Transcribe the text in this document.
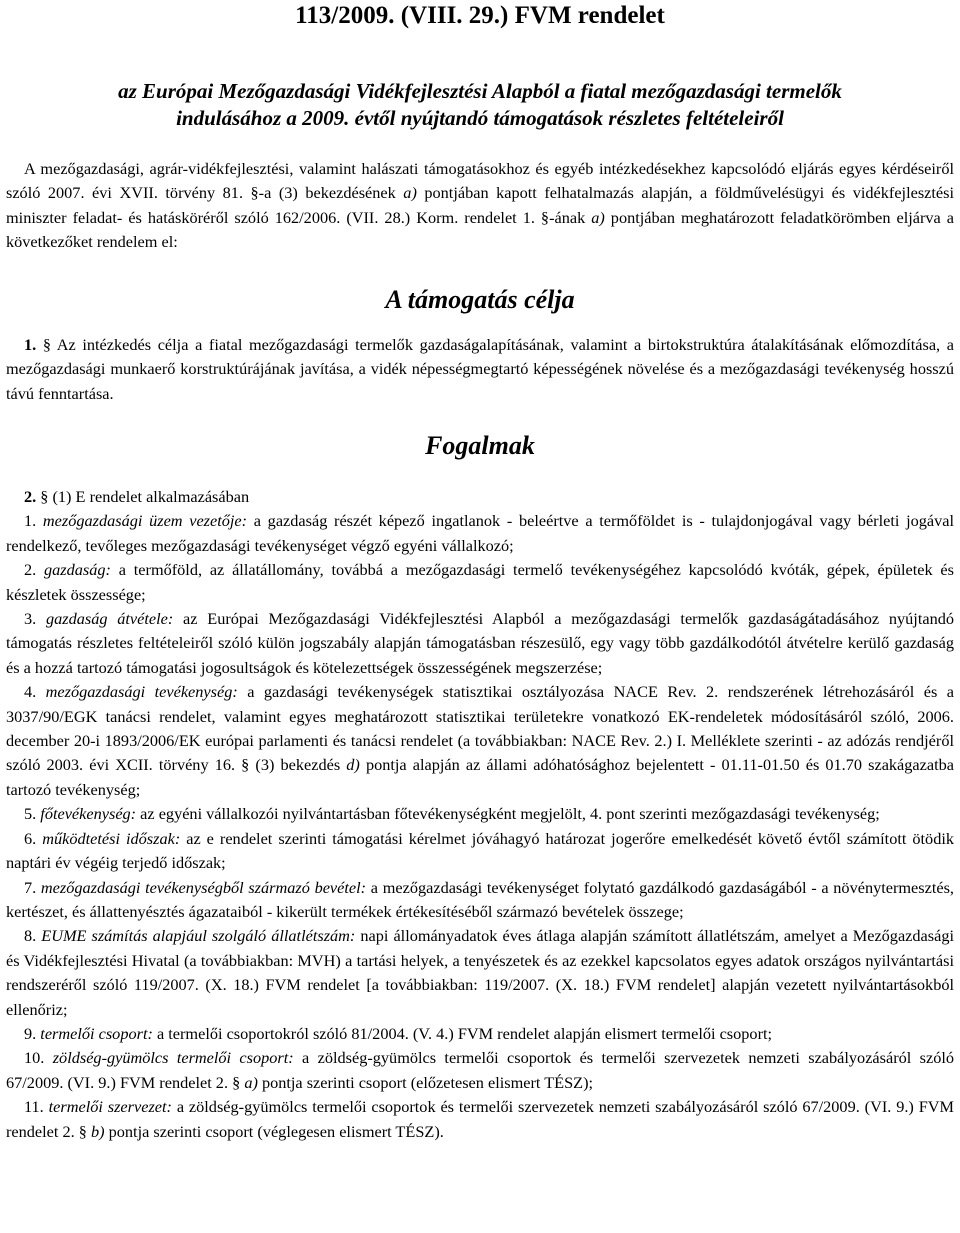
113/2009. (VIII. 29.) FVM rendelet
az Európai Mezőgazdasági Vidékfejlesztési Alapból a fiatal mezőgazdasági termelők
indulásához a 2009. évtől nyújtandó támogatások részletes feltételeiről

A mezőgazdasági, agrár-vidékfejlesztési, valamint halászati támogatásokhoz és egyéb intézkedésekhez kapcsolódó eljárás egyes kérdéseiről szóló 2007. évi XVII. törvény 81. §-a (3) bekezdésének a) pontjában kapott felhatalmazás alapján, a földművelésügyi és vidékfejlesztési miniszter feladat- és hatásköréről szóló 162/2006. (VII. 28.) Korm. rendelet 1. §-ának a) pontjában meghatározott feladatkörömben eljárva a következőket rendelem el:

A támogatás célja

1. § Az intézkedés célja a fiatal mezőgazdasági termelők gazdaságalapításának, valamint a birtokstruktúra átalakításának előmozdítása, a mezőgazdasági munkaerő korstruktúrájának javítása, a vidék népességmegtartó képességének növelése és a mezőgazdasági tevékenység hosszú távú fenntartása.

Fogalmak

2. § (1) E rendelet alkalmazásában

1. mezőgazdasági üzem vezetője: a gazdaság részét képező ingatlanok - beleértve a termőföldet is - tulajdonjogával vagy bérleti jogával rendelkező, tevőleges mezőgazdasági tevékenységet végző egyéni vállalkozó;

2. gazdaság: a termőföld, az állatállomány, továbbá a mezőgazdasági termelő tevékenységéhez kapcsolódó kvóták, gépek, épületek és készletek összessége;

3. gazdaság átvétele: az Európai Mezőgazdasági Vidékfejlesztési Alapból a mezőgazdasági termelők gazdaságátadásához nyújtandó támogatás részletes feltételeiről szóló külön jogszabály alapján támogatásban részesülő, egy vagy több gazdálkodótól átvételre kerülő gazdaság és a hozzá tartozó támogatási jogosultságok és kötelezettségek összességének megszerzése;

4. mezőgazdasági tevékenység: a gazdasági tevékenységek statisztikai osztályozása NACE Rev. 2. rendszerének létrehozásáról és a 3037/90/EGK tanácsi rendelet, valamint egyes meghatározott statisztikai területekre vonatkozó EK-rendeletek módosításáról szóló, 2006. december 20-i 1893/2006/EK európai parlamenti és tanácsi rendelet (a továbbiakban: NACE Rev. 2.) I. Melléklete szerinti - az adózás rendjéről szóló 2003. évi XCII. törvény 16. § (3) bekezdés d) pontja alapján az állami adóhatósághoz bejelentett - 01.11-01.50 és 01.70 szakágazatba tartozó tevékenység;

5. főtevékenység: az egyéni vállalkozói nyilvántartásban főtevékenységként megjelölt, 4. pont szerinti mezőgazdasági tevékenység;

6. működtetési időszak: az e rendelet szerinti támogatási kérelmet jóváhagyó határozat jogerőre emelkedését követő évtől számított ötödik naptári év végéig terjedő időszak;

7. mezőgazdasági tevékenységből származó bevétel: a mezőgazdasági tevékenységet folytató gazdálkodó gazdaságából - a növénytermesztés, kertészet, és állattenyésztés ágazataiból - kikerült termékek értékesítéséből származó bevételek összege;

8. EUME számítás alapjául szolgáló állatlétszám: napi állományadatok éves átlaga alapján számított állatlétszám, amelyet a Mezőgazdasági és Vidékfejlesztési Hivatal (a továbbiakban: MVH) a tartási helyek, a tenyészetek és az ezekkel kapcsolatos egyes adatok országos nyilvántartási rendszeréről szóló 119/2007. (X. 18.) FVM rendelet [a továbbiakban: 119/2007. (X. 18.) FVM rendelet] alapján vezetett nyilvántartásokból ellenőriz;

9. termelői csoport: a termelői csoportokról szóló 81/2004. (V. 4.) FVM rendelet alapján elismert termelői csoport;

10. zöldség-gyümölcs termelői csoport: a zöldség-gyümölcs termelői csoportok és termelői szervezetek nemzeti szabályozásáról szóló 67/2009. (VI. 9.) FVM rendelet 2. § a) pontja szerinti csoport (előzetesen elismert TÉSZ);

11. termelői szervezet: a zöldség-gyümölcs termelői csoportok és termelői szervezetek nemzeti szabályozásáról szóló 67/2009. (VI. 9.) FVM rendelet 2. § b) pontja szerinti csoport (véglegesen elismert TÉSZ).
